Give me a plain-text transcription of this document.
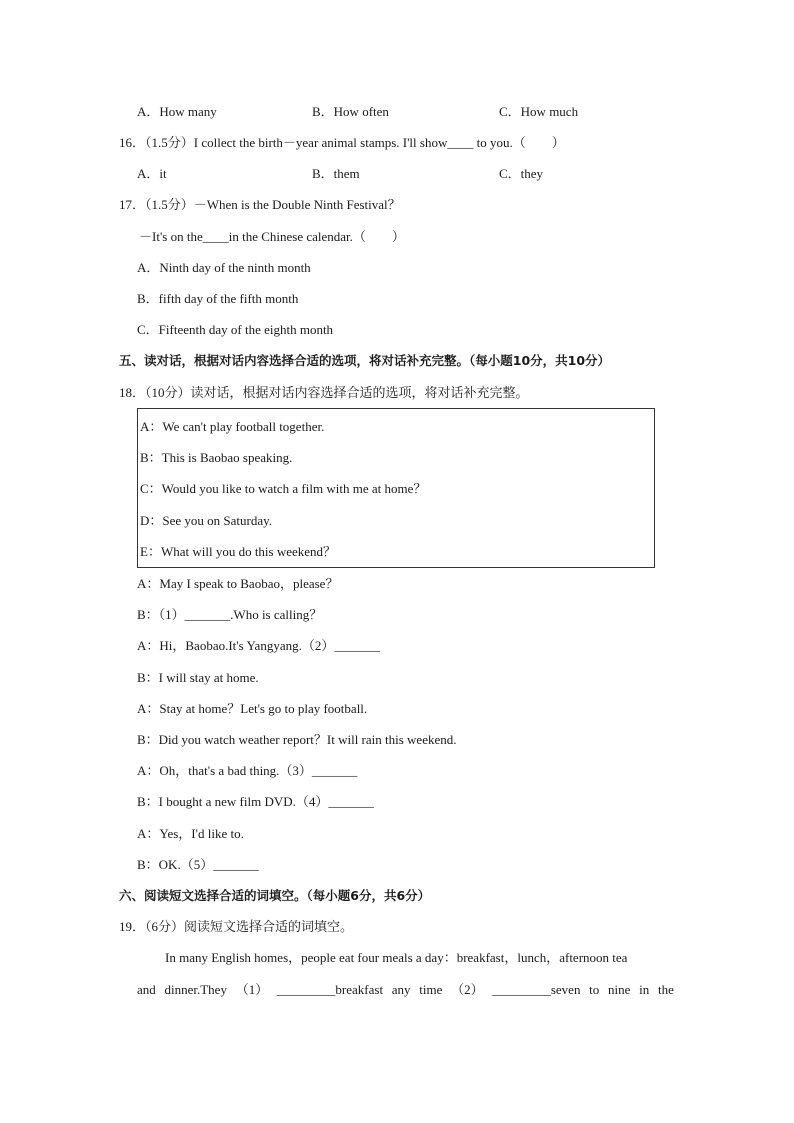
A．How many	B．How often	C．How much
16．（1.5分）I collect the birth－year animal stamps. I'll show____ to you.（　　）
A．it	B．them	C．they
17．（1.5分）－When is the Double Ninth Festival？
－It's on the____in the Chinese calendar.（　　）
A．Ninth day of the ninth month
B．fifth day of the fifth month
C．Fifteenth day of the eighth month
五、读对话，根据对话内容选择合适的选项，将对话补充完整。（每小题10分，共10分）
18．（10分）读对话，根据对话内容选择合适的选项，将对话补充完整。
A：We can't play football together.
B：This is Baobao speaking.
C：Would you like to watch a film with me at home？
D：See you on Saturday.
E：What will you do this weekend？
A：May I speak to Baobao，please？
B：（1）_______.Who is calling？
A：Hi，Baobao.It's Yangyang.（2）_______
B：I will stay at home.
A：Stay at home？Let's go to play football.
B：Did you watch weather report？It will rain this weekend.
A：Oh，that's a bad thing.（3）_______
B：I bought a new film DVD.（4）_______
A：Yes，I'd like to.
B：OK.（5）_______
六、阅读短文选择合适的词填空。（每小题6分，共6分）
19．（6分）阅读短文选择合适的词填空。
In many English homes，people eat four meals a day：breakfast，lunch，afternoon tea
and dinner.They （1） _________breakfast any time （2） _________seven to nine in the
